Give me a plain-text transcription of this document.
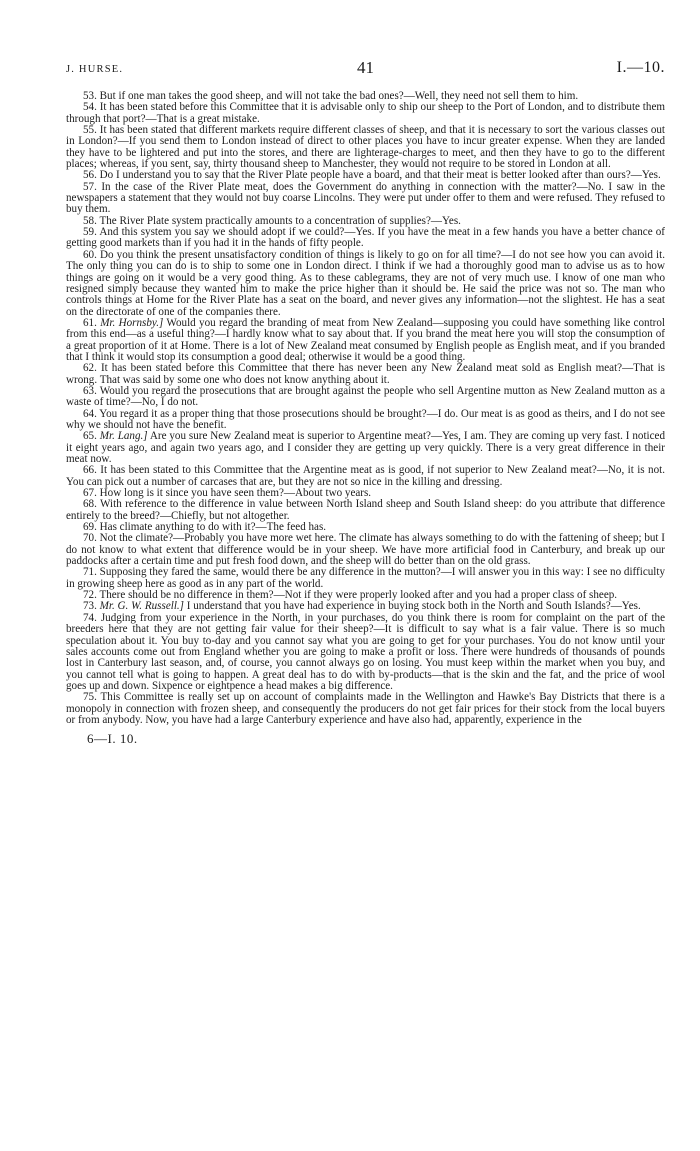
J. HURSE.	41	I.—10.

53. But if one man takes the good sheep, and will not take the bad ones?—Well, they need not sell them to him.

54. It has been stated before this Committee that it is advisable only to ship our sheep to the Port of London, and to distribute them through that port?—That is a great mistake.

55. It has been stated that different markets require different classes of sheep, and that it is necessary to sort the various classes out in London?—If you send them to London instead of direct to other places you have to incur greater expense. When they are landed they have to be lightered and put into the stores, and there are lighterage-charges to meet, and then they have to go to the different places; whereas, if you sent, say, thirty thousand sheep to Manchester, they would not require to be stored in London at all.

56. Do I understand you to say that the River Plate people have a board, and that their meat is better looked after than ours?—Yes.

57. In the case of the River Plate meat, does the Government do anything in connection with the matter?—No. I saw in the newspapers a statement that they would not buy coarse Lincolns. They were put under offer to them and were refused. They refused to buy them.

58. The River Plate system practically amounts to a concentration of supplies?—Yes.

59. And this system you say we should adopt if we could?—Yes. If you have the meat in a few hands you have a better chance of getting good markets than if you had it in the hands of fifty people.

60. Do you think the present unsatisfactory condition of things is likely to go on for all time?—I do not see how you can avoid it. The only thing you can do is to ship to some one in London direct. I think if we had a thoroughly good man to advise us as to how things are going on it would be a very good thing. As to these cablegrams, they are not of very much use. I know of one man who resigned simply because they wanted him to make the price higher than it should be. He said the price was not so. The man who controls things at Home for the River Plate has a seat on the board, and never gives any information—not the slightest. He has a seat on the directorate of one of the companies there.

61. Mr. Hornsby.] Would you regard the branding of meat from New Zealand—supposing you could have something like control from this end—as a useful thing?—I hardly know what to say about that. If you brand the meat here you will stop the consumption of a great proportion of it at Home. There is a lot of New Zealand meat consumed by English people as English meat, and if you branded that I think it would stop its consumption a good deal; otherwise it would be a good thing.

62. It has been stated before this Committee that there has never been any New Zealand meat sold as English meat?—That is wrong. That was said by some one who does not know anything about it.

63. Would you regard the prosecutions that are brought against the people who sell Argentine mutton as New Zealand mutton as a waste of time?—No, I do not.

64. You regard it as a proper thing that those prosecutions should be brought?—I do. Our meat is as good as theirs, and I do not see why we should not have the benefit.

65. Mr. Lang.] Are you sure New Zealand meat is superior to Argentine meat?—Yes, I am. They are coming up very fast. I noticed it eight years ago, and again two years ago, and I consider they are getting up very quickly. There is a very great difference in their meat now.

66. It has been stated to this Committee that the Argentine meat as is good, if not superior to New Zealand meat?—No, it is not. You can pick out a number of carcases that are, but they are not so nice in the killing and dressing.

67. How long is it since you have seen them?—About two years.

68. With reference to the difference in value between North Island sheep and South Island sheep: do you attribute that difference entirely to the breed?—Chiefly, but not altogether.

69. Has climate anything to do with it?—The feed has.

70. Not the climate?—Probably you have more wet here. The climate has always something to do with the fattening of sheep; but I do not know to what extent that difference would be in your sheep. We have more artificial food in Canterbury, and break up our paddocks after a certain time and put fresh food down, and the sheep will do better than on the old grass.

71. Supposing they fared the same, would there be any difference in the mutton?—I will answer you in this way: I see no difficulty in growing sheep here as good as in any part of the world.

72. There should be no difference in them?—Not if they were properly looked after and you had a proper class of sheep.

73. Mr. G. W. Russell.] I understand that you have had experience in buying stock both in the North and South Islands?—Yes.

74. Judging from your experience in the North, in your purchases, do you think there is room for complaint on the part of the breeders here that they are not getting fair value for their sheep?—It is difficult to say what is a fair value. There is so much speculation about it. You buy to-day and you cannot say what you are going to get for your purchases. You do not know until your sales accounts come out from England whether you are going to make a profit or loss. There were hundreds of thousands of pounds lost in Canterbury last season, and, of course, you cannot always go on losing. You must keep within the market when you buy, and you cannot tell what is going to happen. A great deal has to do with by-products—that is the skin and the fat, and the price of wool goes up and down. Sixpence or eightpence a head makes a big difference.

75. This Committee is really set up on account of complaints made in the Wellington and Hawke's Bay Districts that there is a monopoly in connection with frozen sheep, and consequently the producers do not get fair prices for their stock from the local buyers or from anybody. Now, you have had a large Canterbury experience and have also had, apparently, experience in the

6—I. 10.
